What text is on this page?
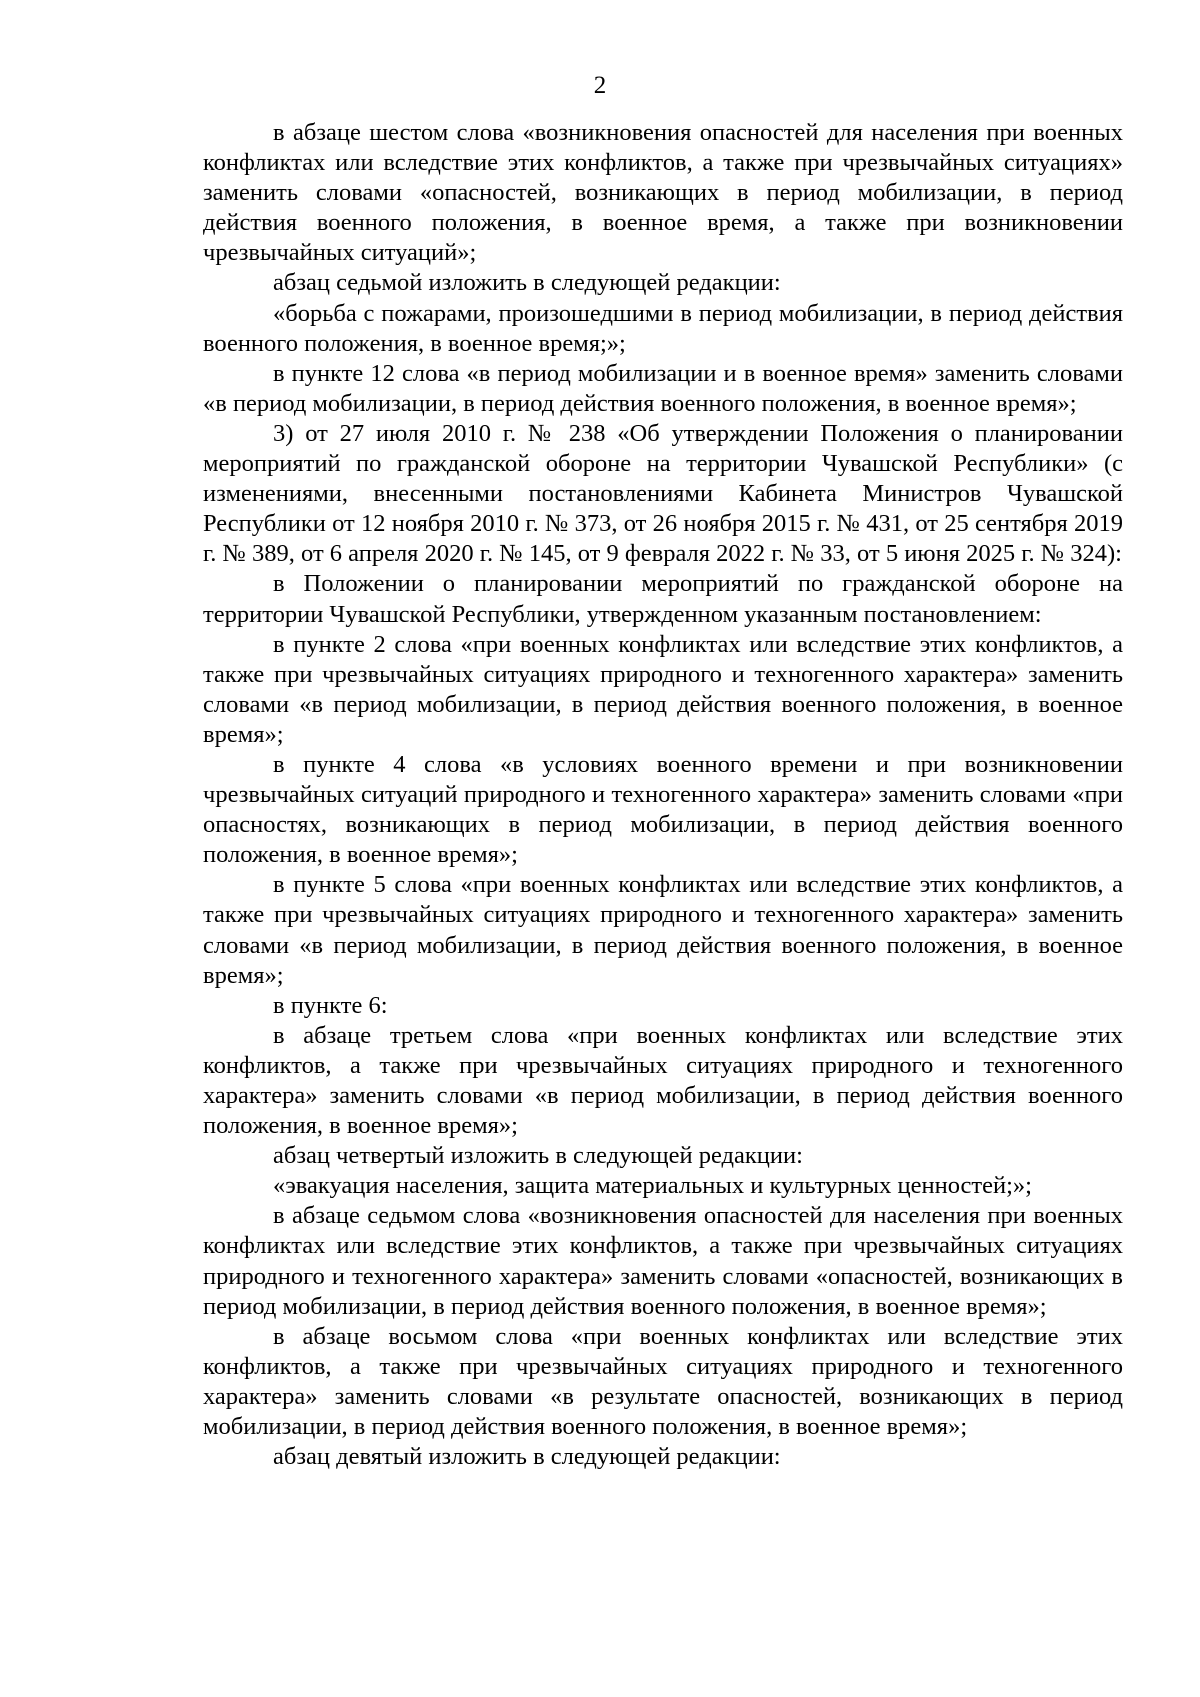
2

в абзаце шестом слова «возникновения опасностей для населения при военных конфликтах или вследствие этих конфликтов, а также при чрезвычайных ситуациях» заменить словами «опасностей, возникающих в период мобилизации, в период действия военного положения, в военное время, а также при возникновении чрезвычайных ситуаций»;

абзац седьмой изложить в следующей редакции:

«борьба с пожарами, произошедшими в период мобилизации, в период действия военного положения, в военное время;»;

в пункте 12 слова «в период мобилизации и в военное время» заменить словами «в период мобилизации, в период действия военного положения, в военное время»;

3) от 27 июля 2010 г. № 238 «Об утверждении Положения о планировании мероприятий по гражданской обороне на территории Чувашской Республики» (с изменениями, внесенными постановлениями Кабинета Министров Чувашской Республики от 12 ноября 2010 г. № 373, от 26 ноября 2015 г. № 431, от 25 сентября 2019 г. № 389, от 6 апреля 2020 г. № 145, от 9 февраля 2022 г. № 33, от 5 июня 2025 г. № 324):

в Положении о планировании мероприятий по гражданской обороне на территории Чувашской Республики, утвержденном указанным постановлением:

в пункте 2 слова «при военных конфликтах или вследствие этих конфликтов, а также при чрезвычайных ситуациях природного и техногенного характера» заменить словами «в период мобилизации, в период действия военного положения, в военное время»;

в пункте 4 слова «в условиях военного времени и при возникновении чрезвычайных ситуаций природного и техногенного характера» заменить словами «при опасностях, возникающих в период мобилизации, в период действия военного положения, в военное время»;

в пункте 5 слова «при военных конфликтах или вследствие этих конфликтов, а также при чрезвычайных ситуациях природного и техногенного характера» заменить словами «в период мобилизации, в период действия военного положения, в военное время»;

в пункте 6:

в абзаце третьем слова «при военных конфликтах или вследствие этих конфликтов, а также при чрезвычайных ситуациях природного и техногенного характера» заменить словами «в период мобилизации, в период действия военного положения, в военное время»;

абзац четвертый изложить в следующей редакции:

«эвакуация населения, защита материальных и культурных ценностей;»;

в абзаце седьмом слова «возникновения опасностей для населения при военных конфликтах или вследствие этих конфликтов, а также при чрезвычайных ситуациях природного и техногенного характера» заменить словами «опасностей, возникающих в период мобилизации, в период действия военного положения, в военное время»;

в абзаце восьмом слова «при военных конфликтах или вследствие этих конфликтов, а также при чрезвычайных ситуациях природного и техногенного характера» заменить словами «в результате опасностей, возникающих в период мобилизации, в период действия военного положения, в военное время»;

абзац девятый изложить в следующей редакции:
